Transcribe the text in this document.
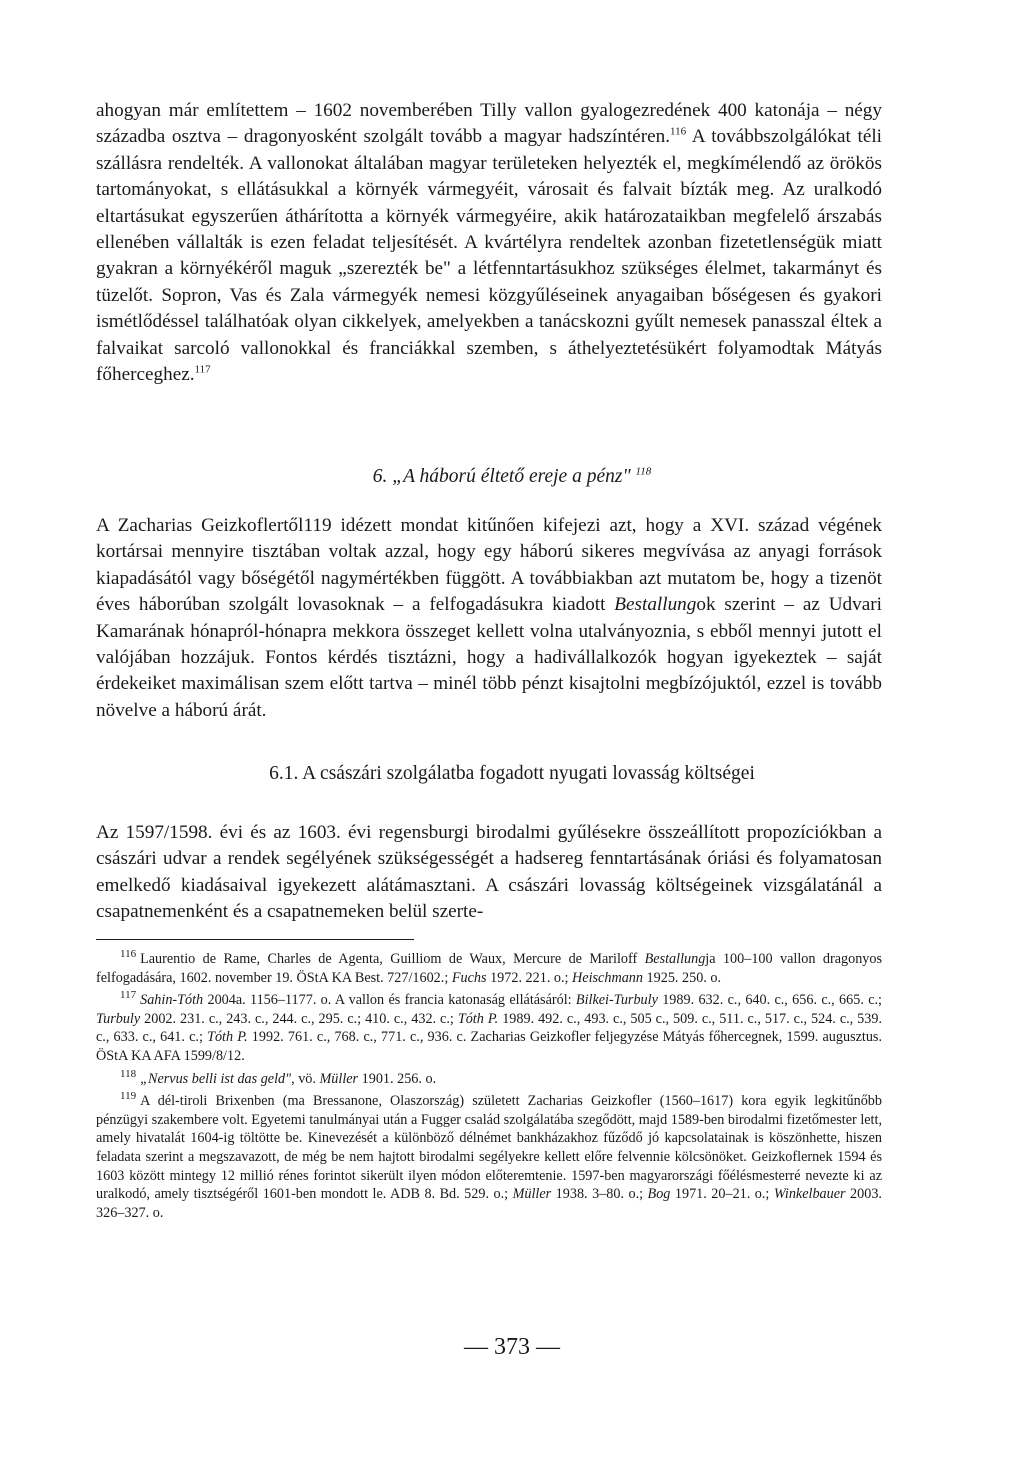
ahogyan már említettem – 1602 novemberében Tilly vallon gyalogezredének 400 katonája – négy századba osztva – dragonyosként szolgált tovább a magyar hadszíntéren.$^{116}$ A továbbszolgálókat téli szállásra rendelték. A vallonokat általában magyar területeken helyezték el, megkímélendő az örökös tartományokat, s ellátásukkal a környék vármegyéit, városait és falvait bízták meg. Az uralkodó eltartásukat egyszerűen áthárította a környék vármegyéire, akik határozataikban megfelelő árszabás ellenében vállalták is ezen feladat teljesítését. A kvártélyra rendeltek azonban fizetetlenségük miatt gyakran a környékéről maguk „szerezték be" a létfenntartásukhoz szükséges élelmet, takarmányt és tüzelőt. Sopron, Vas és Zala vármegyék nemesi közgyűléseinek anyagaiban bőségesen és gyakori ismétlődéssel találhatóak olyan cikkelyek, amelyekben a tanácskozni gyűlt nemesek panasszal éltek a falvaikat sarcoló vallonokkal és franciákkal szemben, s áthelyeztetésükért folyamodtak Mátyás főherceghez.$^{117}$

6. „A háború éltető ereje a pénz" $^{118}$

A Zacharias Geizkoflertől119 idézett mondat kitűnően kifejezi azt, hogy a XVI. század végének kortársai mennyire tisztában voltak azzal, hogy egy háború sikeres megvívása az anyagi források kiapadásától vagy bőségétől nagymértékben függött. A továbbiakban azt mutatom be, hogy a tizenöt éves háborúban szolgált lovasoknak – a felfogadásukra kiadott Bestallungok szerint – az Udvari Kamarának hónapról-hónapra mekkora összeget kellett volna utalványoznia, s ebből mennyi jutott el valójában hozzájuk. Fontos kérdés tisztázni, hogy a hadivállalkozók hogyan igyekeztek – saját érdekeiket maximálisan szem előtt tartva – minél több pénzt kisajtolni megbízójuktól, ezzel is tovább növelve a háború árát.

6.1. A császári szolgálatba fogadott nyugati lovasság költségei

Az 1597/1598. évi és az 1603. évi regensburgi birodalmi gyűlésekre összeállított propozíciókban a császári udvar a rendek segélyének szükségességét a hadsereg fenntartásának óriási és folyamatosan emelkedő kiadásaival igyekezett alátámasztani. A császári lovasság költségeinek vizsgálatánál a csapatnemenként és a csapatnemeken belül szerte-

$^{116}$ Laurentio de Rame, Charles de Agenta, Guilliom de Waux, Mercure de Mariloff Bestallungja 100–100 vallon dragonyos felfogadására, 1602. november 19. ÖStA KA Best. 727/1602.; Fuchs 1972. 221. o.; Heischmann 1925. 250. o.

$^{117}$ Sahin-Tóth 2004a. 1156–1177. o. A vallon és francia katonaság ellátásáról: Bilkei-Turbuly 1989. 632. c., 640. c., 656. c., 665. c.; Turbuly 2002. 231. c., 243. c., 244. c., 295. c.; 410. c., 432. c.; Tóth P. 1989. 492. c., 493. c., 505 c., 509. c., 511. c., 517. c., 524. c., 539. c., 633. c., 641. c.; Tóth P. 1992. 761. c., 768. c., 771. c., 936. c. Zacharias Geizkofler feljegyzése Mátyás főhercegnek, 1599. augusztus. ÖStA KA AFA 1599/8/12.

$^{118}$ „Nervus belli ist das geld", vö. Müller 1901. 256. o.

$^{119}$ A dél-tiroli Brixenben (ma Bressanone, Olaszország) született Zacharias Geizkofler (1560–1617) kora egyik legkitűnőbb pénzügyi szakembere volt. Egyetemi tanulmányai után a Fugger család szolgálatába szegődött, majd 1589-ben birodalmi fizetőmester lett, amely hivatalát 1604-ig töltötte be. Kinevezését a különböző délnémet bankházakhoz fűződő jó kapcsolatainak is köszönhette, hiszen feladata szerint a megszavazott, de még be nem hajtott birodalmi segélyekre kellett előre felvennie kölcsönöket. Geizkoflernek 1594 és 1603 között mintegy 12 millió rénes forintot sikerült ilyen módon előteremtenie. 1597-ben magyarországi főélésmesterré nevezte ki az uralkodó, amely tisztségéről 1601-ben mondott le. ADB 8. Bd. 529. o.; Müller 1938. 3–80. o.; Bog 1971. 20–21. o.; Winkelbauer 2003. 326–327. o.

— 373 —
